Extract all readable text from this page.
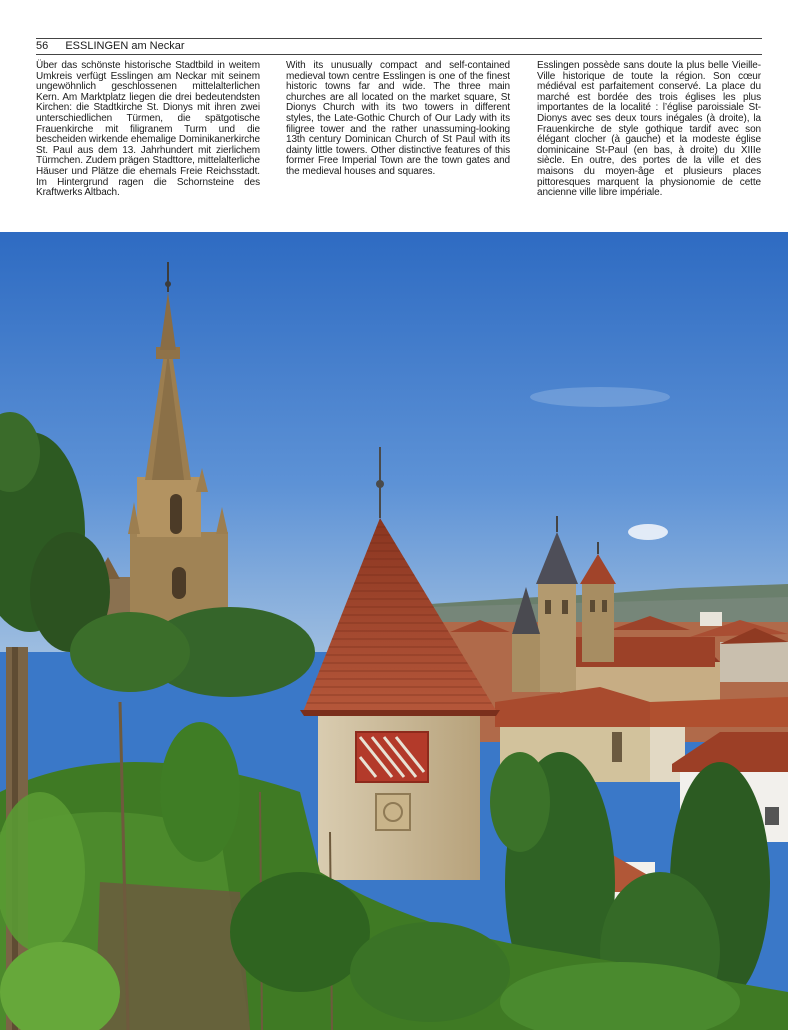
56 ESSLINGEN am Neckar

Über das schönste historische Stadtbild in weitem Umkreis verfügt Esslingen am Neckar mit seinem ungewöhnlich geschlossenen mittelalterlichen Kern. Am Marktplatz liegen die drei bedeutendsten Kirchen: die Stadtkirche St. Dionys mit ihren zwei unterschiedlichen Türmen, die spätgotische Frauenkirche mit filigranem Turm und die bescheiden wirkende ehemalige Dominikanerkirche St. Paul aus dem 13. Jahrhundert mit zierlichem Türmchen. Zudem prägen Stadttore, mittelalterliche Häuser und Plätze die ehemals Freie Reichsstadt. Im Hintergrund ragen die Schornsteine des Kraftwerks Altbach.

With its unusually compact and self-contained medieval town centre Esslingen is one of the finest historic towns far and wide. The three main churches are all located on the market square, St Dionys Church with its two towers in different styles, the Late-Gothic Church of Our Lady with its filigree tower and the rather unassuming-looking 13th century Dominican Church of St Paul with its dainty little towers. Other distinctive features of this former Free Imperial Town are the town gates and the medieval houses and squares.

Esslingen possède sans doute la plus belle Vieille-Ville historique de toute la région. Son cœur médiéval est parfaitement conservé. La place du marché est bordée des trois églises les plus importantes de la localité : l’église paroissiale St-Dionys avec ses deux tours inégales (à droite), la Frauenkirche de style gothique tardif avec son élégant clocher (à gauche) et la modeste église dominicaine St-Paul (en bas, à droite) du XIIIe siècle. En outre, des portes de la ville et des maisons du moyen-âge et plusieurs places pittoresques marquent la physionomie de cette ancienne ville libre impériale.
